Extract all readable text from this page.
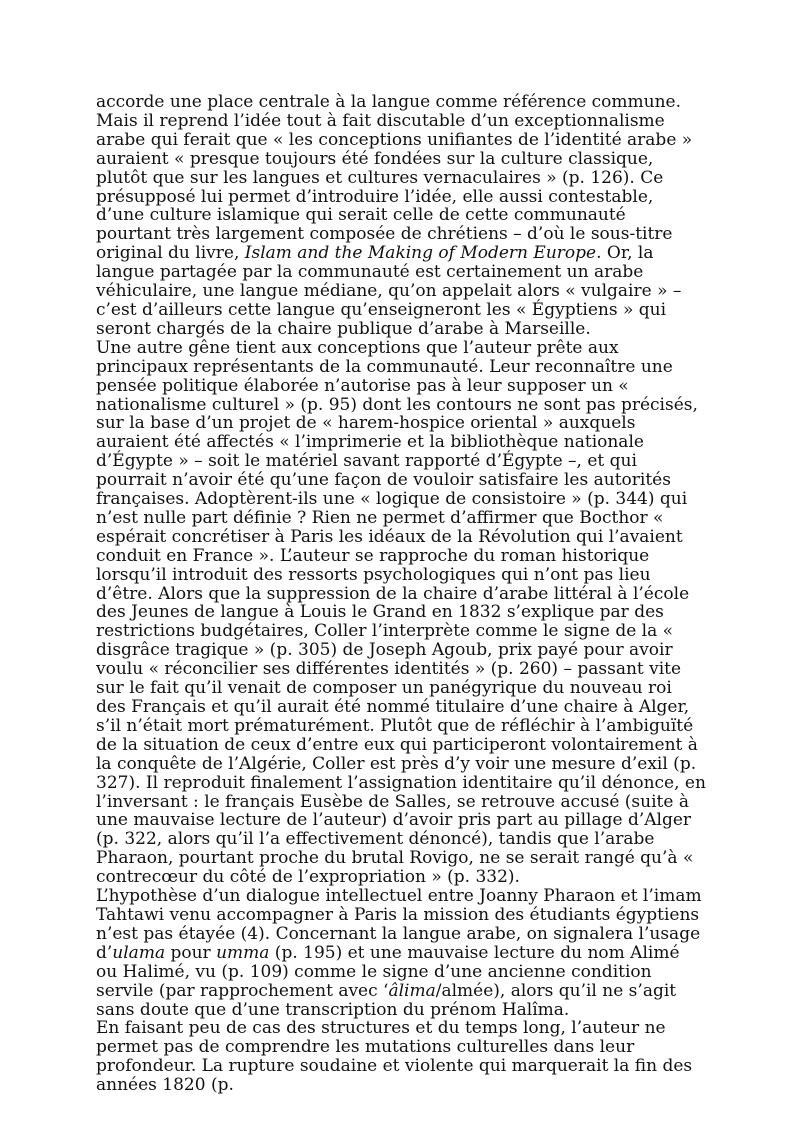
accorde une place centrale à la langue comme référence commune. Mais il reprend l’idée tout à fait discutable d’un exceptionnalisme arabe qui ferait que « les conceptions unifiantes de l’identité arabe » auraient « presque toujours été fondées sur la culture classique, plutôt que sur les langues et cultures vernaculaires » (p. 126). Ce présupposé lui permet d’introduire l’idée, elle aussi contestable, d’une culture islamique qui serait celle de cette communauté pourtant très largement composée de chrétiens – d’où le sous-titre original du livre, Islam and the Making of Modern Europe. Or, la langue partagée par la communauté est certainement un arabe véhiculaire, une langue médiane, qu’on appelait alors « vulgaire » – c’est d’ailleurs cette langue qu’enseigneront les « Égyptiens » qui seront chargés de la chaire publique d’arabe à Marseille.

Une autre gêne tient aux conceptions que l’auteur prête aux principaux représentants de la communauté. Leur reconnaître une pensée politique élaborée n’autorise pas à leur supposer un « nationalisme culturel » (p. 95) dont les contours ne sont pas précisés, sur la base d’un projet de « harem-hospice oriental » auxquels auraient été affectés « l’imprimerie et la bibliothèque nationale d’Égypte » – soit le matériel savant rapporté d’Égypte –, et qui pourrait n’avoir été qu’une façon de vouloir satisfaire les autorités françaises. Adoptèrent-ils une « logique de consistoire » (p. 344) qui n’est nulle part définie ? Rien ne permet d’affirmer que Bocthor « espérait concrétiser à Paris les idéaux de la Révolution qui l’avaient conduit en France ». L’auteur se rapproche du roman historique lorsqu’il introduit des ressorts psychologiques qui n’ont pas lieu d’être. Alors que la suppression de la chaire d’arabe littéral à l’école des Jeunes de langue à Louis le Grand en 1832 s’explique par des restrictions budgétaires, Coller l’interprète comme le signe de la « disgrâce tragique » (p. 305) de Joseph Agoub, prix payé pour avoir voulu « réconcilier ses différentes identités » (p. 260) – passant vite sur le fait qu’il venait de composer un panégyrique du nouveau roi des Français et qu’il aurait été nommé titulaire d’une chaire à Alger, s’il n’était mort prématurément. Plutôt que de réfléchir à l’ambiguïté de la situation de ceux d’entre eux qui participeront volontairement à la conquête de l’Algérie, Coller est près d’y voir une mesure d’exil (p. 327). Il reproduit finalement l’assignation identitaire qu’il dénonce, en l’inversant : le français Eusèbe de Salles, se retrouve accusé (suite à une mauvaise lecture de l’auteur) d’avoir pris part au pillage d’Alger (p. 322, alors qu’il l’a effectivement dénoncé), tandis que l’arabe Pharaon, pourtant proche du brutal Rovigo, ne se serait rangé qu’à « contrecœur du côté de l’expropriation » (p. 332).

L’hypothèse d’un dialogue intellectuel entre Joanny Pharaon et l’imam Tahtawi venu accompagner à Paris la mission des étudiants égyptiens n’est pas étayée (4). Concernant la langue arabe, on signalera l’usage d’ulama pour umma (p. 195) et une mauvaise lecture du nom Alimé ou Halimé, vu (p. 109) comme le signe d’une ancienne condition servile (par rapprochement avec ‘âlima/almée), alors qu’il ne s’agit sans doute que d’une transcription du prénom Halîma.

En faisant peu de cas des structures et du temps long, l’auteur ne permet pas de comprendre les mutations culturelles dans leur profondeur. La rupture soudaine et violente qui marquerait la fin des années 1820 (p.
